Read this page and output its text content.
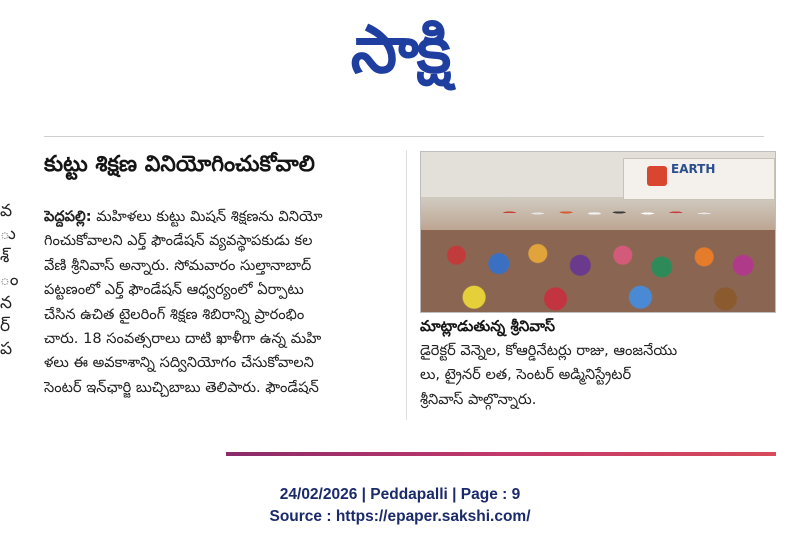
సాక్షి
వ
ు
శ్
ం
న
ర్
ప
కుట్టు శిక్షణ వినియోగించుకోవాలి
పెద్దపల్లి: మహిళలు కుట్టు మిషన్ శిక్షణను వినియో
గించుకోవాలని ఎర్త్ ఫౌండేషన్ వ్యవస్థాపకుడు కల
వేణి శ్రీనివాస్ అన్నారు. సోమవారం సుల్తానాబాద్
పట్టణంలో ఎర్త్ ఫౌండేషన్ ఆధ్వర్యంలో ఏర్పాటు
చేసిన ఉచిత టైలరింగ్ శిక్షణ శిబిరాన్ని ప్రారంభిం
చారు. 18 సంవత్సరాలు దాటి ఖాళీగా ఉన్న మహి
ళలు ఈ అవకాశాన్ని సద్వినియోగం చేసుకోవాలని
సెంటర్ ఇన్‌ఛార్జి బుచ్చిబాబు తెలిపారు. ఫౌండేషన్
EARTH
మాట్లాడుతున్న శ్రీనివాస్
డైరెక్టర్ వెన్నెల, కోఆర్డినేటర్లు రాజు, ఆంజనేయు
లు, ట్రైనర్ లత, సెంటర్ అడ్మినిస్ట్రేటర్
శ్రీనివాస్ పాల్గొన్నారు.
24/02/2026 | Peddapalli | Page : 9
Source : https://epaper.sakshi.com/
